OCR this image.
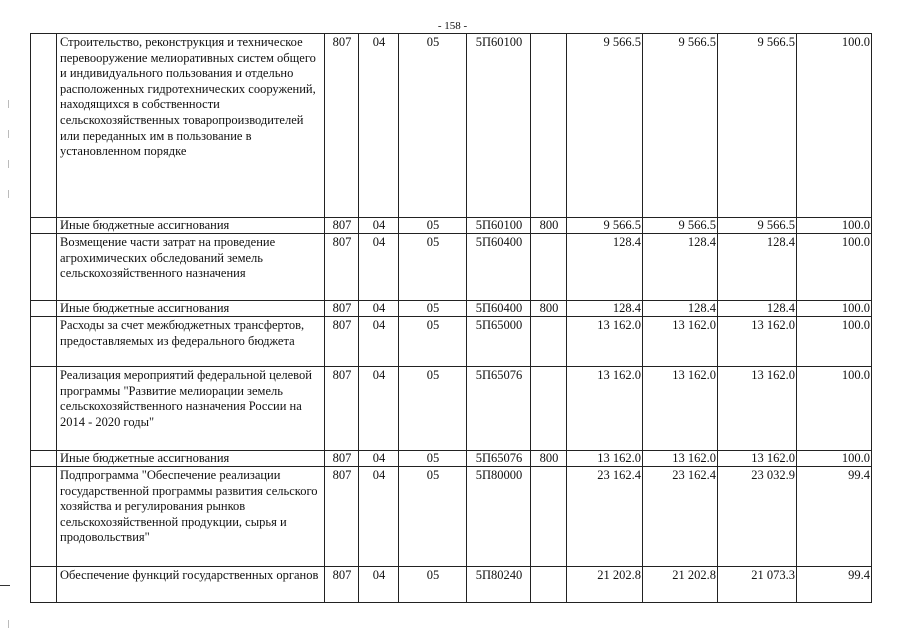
- 158 -
	Строительство, реконструкция и техническое перевооружение мелиоративных систем общего и индивидуального пользования и отдельно расположенных гидротехнических сооружений, находящихся в собственности сельскохозяйственных товаропроизводителей или переданных им в пользование в установленном порядке	807	04	05	5П60100		9 566.5	9 566.5	9 566.5	100.0
	Иные бюджетные ассигнования	807	04	05	5П60100	800	9 566.5	9 566.5	9 566.5	100.0
	Возмещение части затрат на проведение агрохимических обследований земель сельскохозяйственного назначения	807	04	05	5П60400		128.4	128.4	128.4	100.0
	Иные бюджетные ассигнования	807	04	05	5П60400	800	128.4	128.4	128.4	100.0
	Расходы за счет межбюджетных трансфертов, предоставляемых из федерального бюджета	807	04	05	5П65000		13 162.0	13 162.0	13 162.0	100.0
	Реализация мероприятий федеральной целевой программы "Развитие мелиорации земель сельскохозяйственного назначения России на 2014 - 2020 годы"	807	04	05	5П65076		13 162.0	13 162.0	13 162.0	100.0
	Иные бюджетные ассигнования	807	04	05	5П65076	800	13 162.0	13 162.0	13 162.0	100.0
	Подпрограмма "Обеспечение реализации государственной программы развития сельского хозяйства и регулирования рынков сельскохозяйственной продукции, сырья и продовольствия"	807	04	05	5П80000		23 162.4	23 162.4	23 032.9	99.4
	Обеспечение функций государственных органов	807	04	05	5П80240		21 202.8	21 202.8	21 073.3	99.4
